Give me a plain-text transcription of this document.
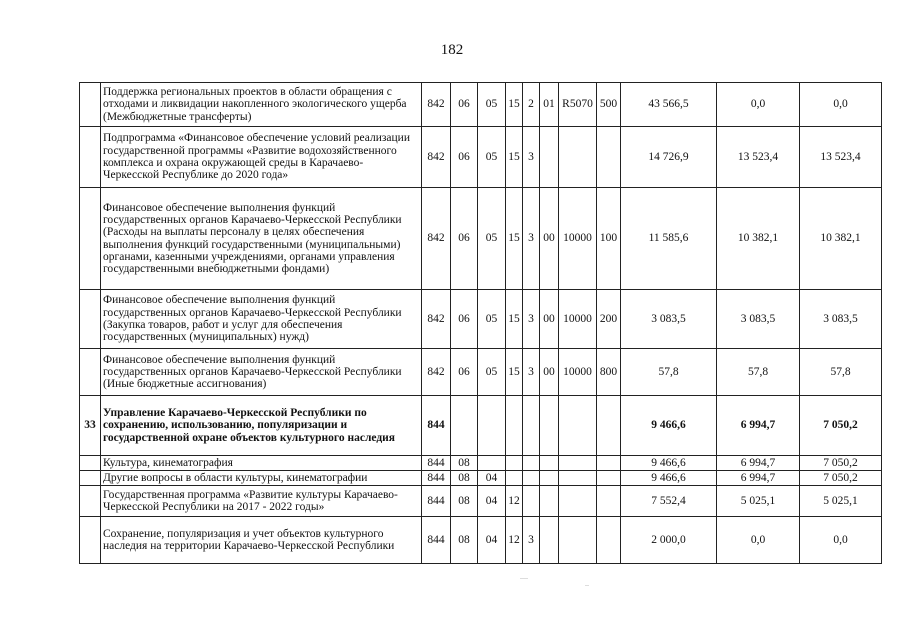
182
	Поддержка региональных проектов в области обращения с отходами и ликвидации накопленного экологического ущерба (Межбюджетные трансферты)	842	06	05	15	2	01	R5070	500	43 566,5	0,0	0,0
	Подпрограмма «Финансовое обеспечение условий реализации государственной программы «Развитие водохозяйственного комплекса и охрана окружающей среды в Карачаево-Черкесской Республике до 2020 года»	842	06	05	15	3				14 726,9	13 523,4	13 523,4
	Финансовое обеспечение выполнения функций государственных органов Карачаево-Черкесской Республики (Расходы на выплаты персоналу в целях обеспечения выполнения функций государственными (муниципальными) органами, казенными учреждениями, органами управления государственными внебюджетными фондами)	842	06	05	15	3	00	10000	100	11 585,6	10 382,1	10 382,1
	Финансовое обеспечение выполнения функций государственных органов Карачаево-Черкесской Республики (Закупка товаров, работ и услуг для обеспечения государственных (муниципальных) нужд)	842	06	05	15	3	00	10000	200	3 083,5	3 083,5	3 083,5
	Финансовое обеспечение выполнения функций государственных органов Карачаево-Черкесской Республики (Иные бюджетные ассигнования)	842	06	05	15	3	00	10000	800	57,8	57,8	57,8
33	Управление Карачаево-Черкесской Республики по сохранению, использованию, популяризации и государственной охране объектов культурного наследия	844								9 466,6	6 994,7	7 050,2
	Культура, кинематография	844	08							9 466,6	6 994,7	7 050,2
	Другие вопросы в области культуры, кинематографии	844	08	04						9 466,6	6 994,7	7 050,2
	Государственная программа «Развитие культуры Карачаево-Черкесской Республики на 2017 - 2022 годы»	844	08	04	12					7 552,4	5 025,1	5 025,1
	Сохранение, популяризация и учет объектов культурного наследия на территории Карачаево-Черкесской Республики	844	08	04	12	3				2 000,0	0,0	0,0
